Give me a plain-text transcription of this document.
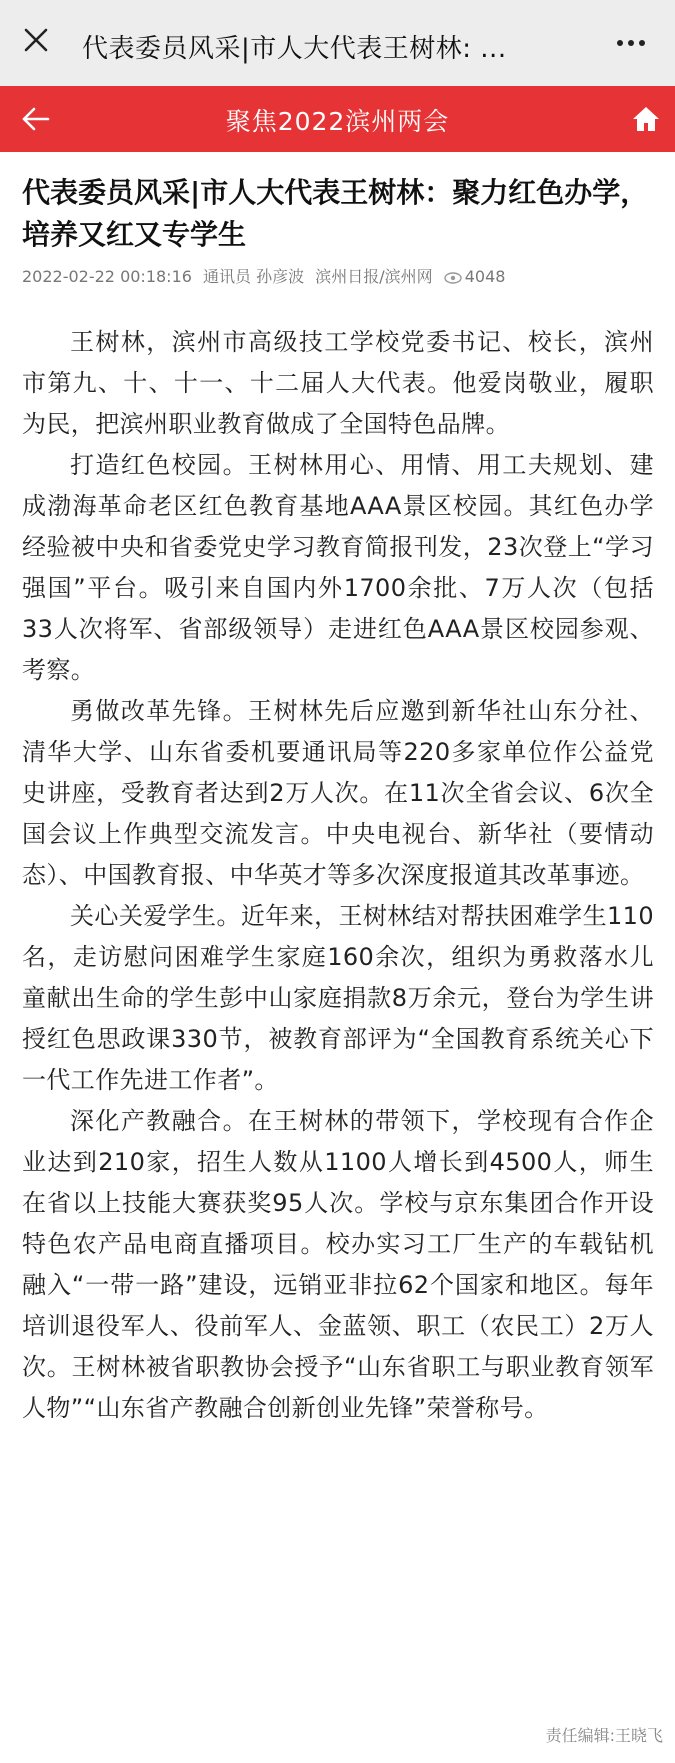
代表委员风采|市人大代表王树林: ...
聚焦2022滨州两会
代表委员风采|市人大代表王树林：聚力红色办学，培养又红又专学生
2022-02-22 00:18:16 通讯员 孙彦波 滨州日报/滨州网 4048

王树林，滨州市高级技工学校党委书记、校长，滨州市第九、十、十一、十二届人大代表。他爱岗敬业，履职为民，把滨州职业教育做成了全国特色品牌。

打造红色校园。王树林用心、用情、用工夫规划、建成渤海革命老区红色教育基地AAA景区校园。其红色办学经验被中央和省委党史学习教育简报刊发，23次登上“学习强国”平台。吸引来自国内外1700余批、7万人次（包括33人次将军、省部级领导）走进红色AAA景区校园参观、考察。

勇做改革先锋。王树林先后应邀到新华社山东分社、清华大学、山东省委机要通讯局等220多家单位作公益党史讲座，受教育者达到2万人次。在11次全省会议、6次全国会议上作典型交流发言。中央电视台、新华社（要情动态）、中国教育报、中华英才等多次深度报道其改革事迹。

关心关爱学生。近年来，王树林结对帮扶困难学生110名，走访慰问困难学生家庭160余次，组织为勇救落水儿童献出生命的学生彭中山家庭捐款8万余元，登台为学生讲授红色思政课330节，被教育部评为“全国教育系统关心下一代工作先进工作者”。

深化产教融合。在王树林的带领下，学校现有合作企业达到210家，招生人数从1100人增长到4500人，师生在省以上技能大赛获奖95人次。学校与京东集团合作开设特色农产品电商直播项目。校办实习工厂生产的车载钻机融入“一带一路”建设，远销亚非拉62个国家和地区。每年培训退役军人、役前军人、金蓝领、职工（农民工）2万人次。王树林被省职教协会授予“山东省职工与职业教育领军人物”“山东省产教融合创新创业先锋”荣誉称号。

责任编辑:王晓飞
